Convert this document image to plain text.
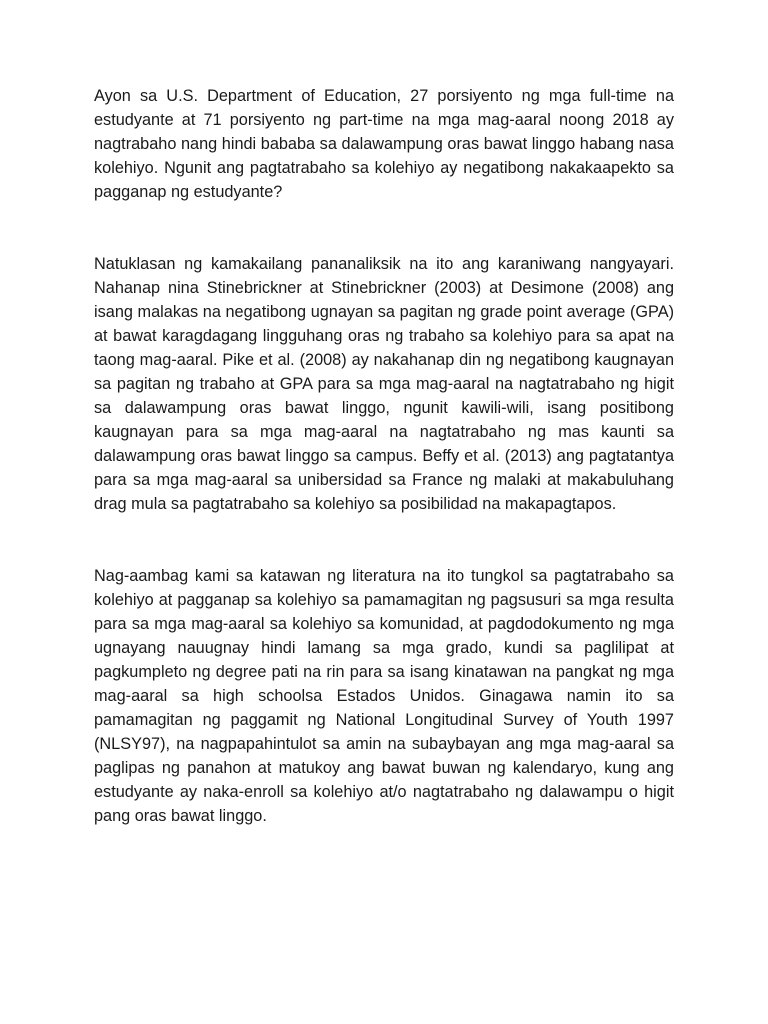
Ayon sa U.S. Department of Education, 27 porsiyento ng mga full-time na estudyante at 71 porsiyento ng part-time na mga mag-aaral noong 2018 ay nagtrabaho nang hindi bababa sa dalawampung oras bawat linggo habang nasa kolehiyo. Ngunit ang pagtatrabaho sa kolehiyo ay negatibong nakakaapekto sa pagganap ng estudyante?

Natuklasan ng kamakailang pananaliksik na ito ang karaniwang nangyayari. Nahanap nina Stinebrickner at Stinebrickner (2003) at Desimone (2008) ang isang malakas na negatibong ugnayan sa pagitan ng grade point average (GPA) at bawat karagdagang lingguhang oras ng trabaho sa kolehiyo para sa apat na taong mag-aaral. Pike et al. (2008) ay nakahanap din ng negatibong kaugnayan sa pagitan ng trabaho at GPA para sa mga mag-aaral na nagtatrabaho ng higit sa dalawampung oras bawat linggo, ngunit kawili-wili, isang positibong kaugnayan para sa mga mag-aaral na nagtatrabaho ng mas kaunti sa dalawampung oras bawat linggo sa campus. Beffy et al. (2013) ang pagtatantya para sa mga mag-aaral sa unibersidad sa France ng malaki at makabuluhang drag mula sa pagtatrabaho sa kolehiyo sa posibilidad na makapagtapos.

Nag-aambag kami sa katawan ng literatura na ito tungkol sa pagtatrabaho sa kolehiyo at pagganap sa kolehiyo sa pamamagitan ng pagsusuri sa mga resulta para sa mga mag-aaral sa kolehiyo sa komunidad, at pagdodokumento ng mga ugnayang nauugnay hindi lamang sa mga grado, kundi sa paglilipat at pagkumpleto ng degree pati na rin para sa isang kinatawan na pangkat ng mga mag-aaral sa high schoolsa Estados Unidos. Ginagawa namin ito sa pamamagitan ng paggamit ng National Longitudinal Survey of Youth 1997 (NLSY97), na nagpapahintulot sa amin na subaybayan ang mga mag-aaral sa paglipas ng panahon at matukoy ang bawat buwan ng kalendaryo, kung ang estudyante ay naka-enroll sa kolehiyo at/o nagtatrabaho ng dalawampu o higit pang oras bawat linggo.
